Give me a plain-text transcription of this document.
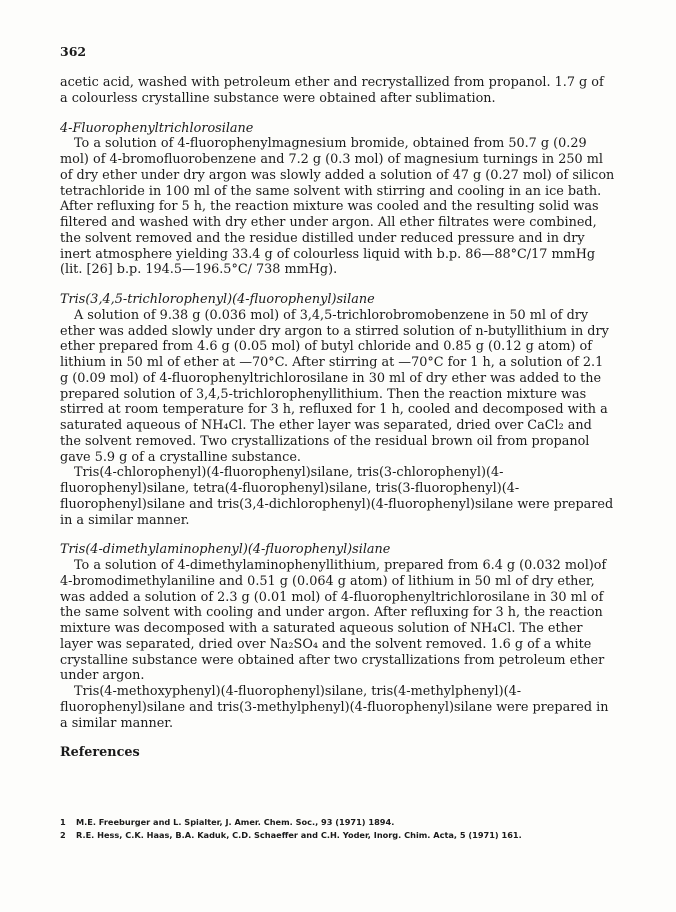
362

acetic acid, washed with petroleum ether and recrystallized from propanol. 1.7 g of a colourless crystalline substance were obtained after sublimation.

4-Fluorophenyltrichlorosilane

To a solution of 4-fluorophenylmagnesium bromide, obtained from 50.7 g (0.29 mol) of 4-bromofluorobenzene and 7.2 g (0.3 mol) of magnesium turnings in 250 ml of dry ether under dry argon was slowly added a solution of 47 g (0.27 mol) of silicon tetrachloride in 100 ml of the same solvent with stirring and cooling in an ice bath. After refluxing for 5 h, the reaction mixture was cooled and the resulting solid was filtered and washed with dry ether under argon. All ether filtrates were combined, the solvent removed and the residue distilled under reduced pressure and in dry inert atmosphere yielding 33.4 g of colourless liquid with b.p. 86—88°C/17 mmHg (lit. [26] b.p. 194.5—196.5°C/ 738 mmHg).

Tris(3,4,5-trichlorophenyl)(4-fluorophenyl)silane

A solution of 9.38 g (0.036 mol) of 3,4,5-trichlorobromobenzene in 50 ml of dry ether was added slowly under dry argon to a stirred solution of n-butyllithium in dry ether prepared from 4.6 g (0.05 mol) of butyl chloride and 0.85 g (0.12 g atom) of lithium in 50 ml of ether at —70°C. After stirring at —70°C for 1 h, a solution of 2.1 g (0.09 mol) of 4-fluorophenyltrichlorosilane in 30 ml of dry ether was added to the prepared solution of 3,4,5-trichlorophenyllithium. Then the reaction mixture was stirred at room temperature for 3 h, refluxed for 1 h, cooled and decomposed with a saturated aqueous of NH₄Cl. The ether layer was separated, dried over CaCl₂ and the solvent removed. Two crystallizations of the residual brown oil from propanol gave 5.9 g of a crystalline substance.

Tris(4-chlorophenyl)(4-fluorophenyl)silane, tris(3-chlorophenyl)(4-fluorophenyl)silane, tetra(4-fluorophenyl)silane, tris(3-fluorophenyl)(4-fluorophenyl)silane and tris(3,4-dichlorophenyl)(4-fluorophenyl)silane were prepared in a similar manner.

Tris(4-dimethylaminophenyl)(4-fluorophenyl)silane

To a solution of 4-dimethylaminophenyllithium, prepared from 6.4 g (0.032 mol)of 4-bromodimethylaniline and 0.51 g (0.064 g atom) of lithium in 50 ml of dry ether, was added a solution of 2.3 g (0.01 mol) of 4-fluorophenyltrichlorosilane in 30 ml of the same solvent with cooling and under argon. After refluxing for 3 h, the reaction mixture was decomposed with a saturated aqueous solution of NH₄Cl. The ether layer was separated, dried over Na₂SO₄ and the solvent removed. 1.6 g of a white crystalline substance were obtained after two crystallizations from petroleum ether under argon.

Tris(4-methoxyphenyl)(4-fluorophenyl)silane, tris(4-methylphenyl)(4-fluorophenyl)silane and tris(3-methylphenyl)(4-fluorophenyl)silane were prepared in a similar manner.

References
1	M.E. Freeburger and L. Spialter, J. Amer. Chem. Soc., 93 (1971) 1894.
2	R.E. Hess, C.K. Haas, B.A. Kaduk, C.D. Schaeffer and C.H. Yoder, Inorg. Chim. Acta, 5 (1971) 161.
